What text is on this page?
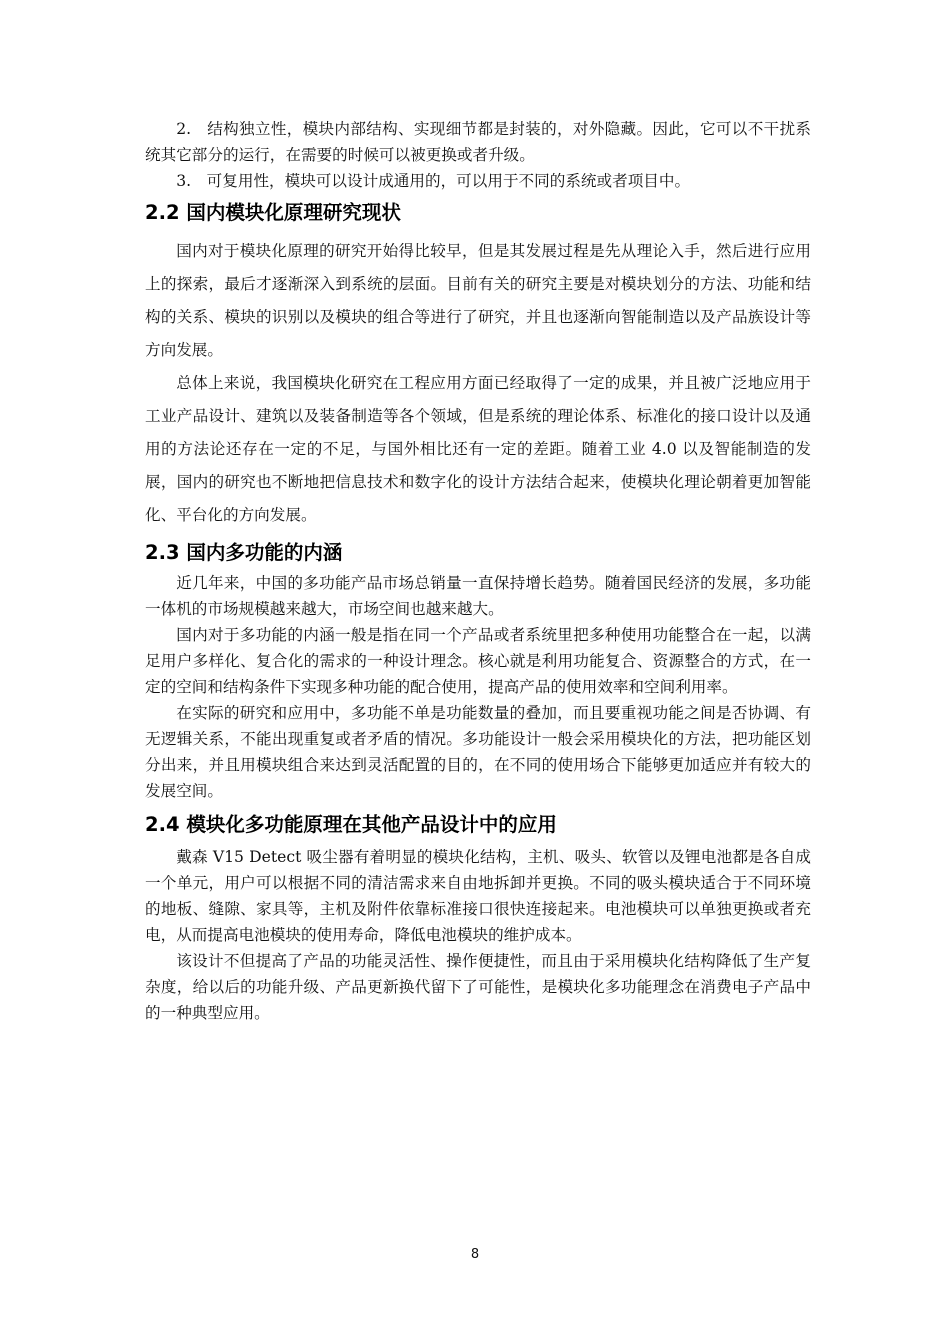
2.　结构独立性，模块内部结构、实现细节都是封装的，对外隐藏。因此，它可以不干扰系统其它部分的运行，在需要的时候可以被更换或者升级。

3.　可复用性，模块可以设计成通用的，可以用于不同的系统或者项目中。

2.2 国内模块化原理研究现状

国内对于模块化原理的研究开始得比较早，但是其发展过程是先从理论入手，然后进行应用上的探索，最后才逐渐深入到系统的层面。目前有关的研究主要是对模块划分的方法、功能和结构的关系、模块的识别以及模块的组合等进行了研究，并且也逐渐向智能制造以及产品族设计等方向发展。

总体上来说，我国模块化研究在工程应用方面已经取得了一定的成果，并且被广泛地应用于工业产品设计、建筑以及装备制造等各个领域，但是系统的理论体系、标准化的接口设计以及通用的方法论还存在一定的不足，与国外相比还有一定的差距。随着工业 4.0 以及智能制造的发展，国内的研究也不断地把信息技术和数字化的设计方法结合起来，使模块化理论朝着更加智能化、平台化的方向发展。

2.3 国内多功能的内涵

近几年来，中国的多功能产品市场总销量一直保持增长趋势。随着国民经济的发展，多功能一体机的市场规模越来越大，市场空间也越来越大。

国内对于多功能的内涵一般是指在同一个产品或者系统里把多种使用功能整合在一起，以满足用户多样化、复合化的需求的一种设计理念。核心就是利用功能复合、资源整合的方式，在一定的空间和结构条件下实现多种功能的配合使用，提高产品的使用效率和空间利用率。

在实际的研究和应用中，多功能不单是功能数量的叠加，而且要重视功能之间是否协调、有无逻辑关系，不能出现重复或者矛盾的情况。多功能设计一般会采用模块化的方法，把功能区划分出来，并且用模块组合来达到灵活配置的目的，在不同的使用场合下能够更加适应并有较大的发展空间。

2.4 模块化多功能原理在其他产品设计中的应用

戴森 V15 Detect 吸尘器有着明显的模块化结构，主机、吸头、软管以及锂电池都是各自成一个单元，用户可以根据不同的清洁需求来自由地拆卸并更换。不同的吸头模块适合于不同环境的地板、缝隙、家具等，主机及附件依靠标准接口很快连接起来。电池模块可以单独更换或者充电，从而提高电池模块的使用寿命，降低电池模块的维护成本。

该设计不但提高了产品的功能灵活性、操作便捷性，而且由于采用模块化结构降低了生产复杂度，给以后的功能升级、产品更新换代留下了可能性，是模块化多功能理念在消费电子产品中的一种典型应用。

8
